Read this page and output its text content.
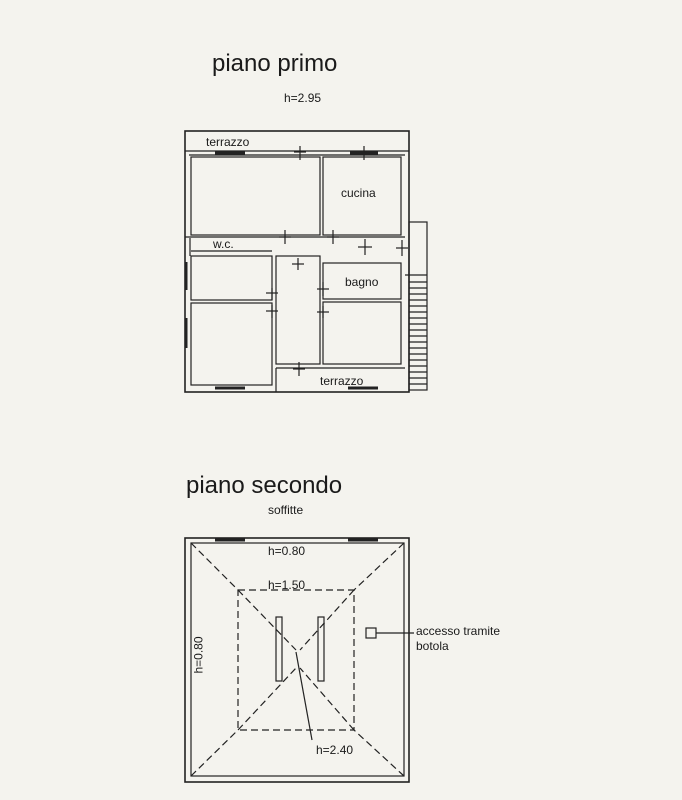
piano primo
h=2.95
terrazzo
cucina
w.c.
bagno
terrazzo
piano secondo
soffitte
h=0.80
h=1.50
h=0.80
h=2.40
accesso tramite
botola
